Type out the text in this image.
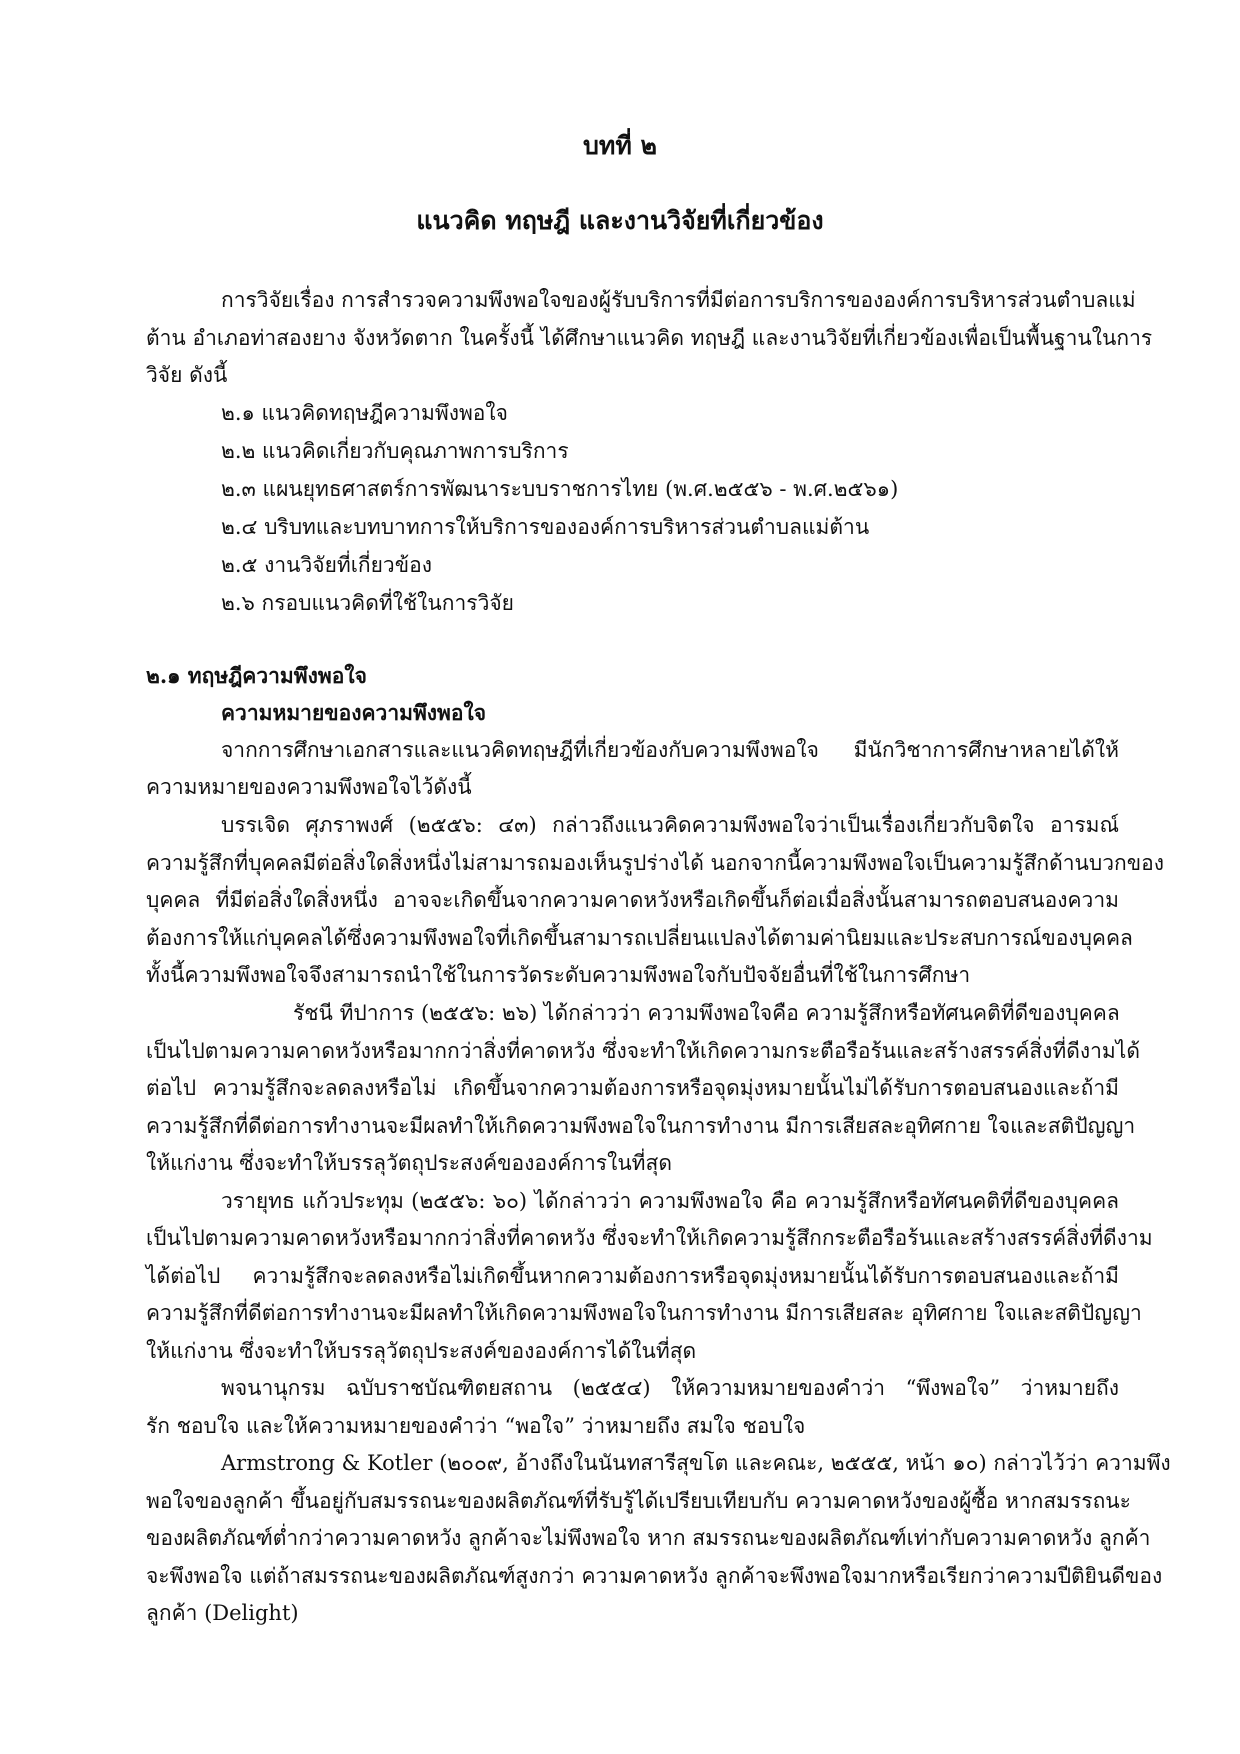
บทที่ ๒
แนวคิด ทฤษฎี และงานวิจัยที่เกี่ยวข้อง
การวิจัยเรื่อง การสำรวจความพึงพอใจของผู้รับบริการที่มีต่อการบริการขององค์การบริหารส่วนตำบลแม่
ต้าน อำเภอท่าสองยาง จังหวัดตาก ในครั้งนี้ ได้ศึกษาแนวคิด ทฤษฎี และงานวิจัยที่เกี่ยวข้องเพื่อเป็นพื้นฐานในการ
วิจัย ดังนี้
๒.๑ แนวคิดทฤษฎีความพึงพอใจ
๒.๒ แนวคิดเกี่ยวกับคุณภาพการบริการ
๒.๓ แผนยุทธศาสตร์การพัฒนาระบบราชการไทย (พ.ศ.๒๕๕๖ - พ.ศ.๒๕๖๑)
๒.๔ บริบทและบทบาทการให้บริการขององค์การบริหารส่วนตำบลแม่ต้าน
๒.๕ งานวิจัยที่เกี่ยวข้อง
๒.๖ กรอบแนวคิดที่ใช้ในการวิจัย
๒.๑ ทฤษฎีความพึงพอใจ
ความหมายของความพึงพอใจ
จากการศึกษาเอกสารและแนวคิดทฤษฎีที่เกี่ยวข้องกับความพึงพอใจ มีนักวิชาการศึกษาหลายได้ให้
ความหมายของความพึงพอใจไว้ดังนี้
บรรเจิด ศุภราพงศ์ (๒๕๕๖: ๔๓) กล่าวถึงแนวคิดความพึงพอใจว่าเป็นเรื่องเกี่ยวกับจิตใจ อารมณ์
ความรู้สึกที่บุคคลมีต่อสิ่งใดสิ่งหนึ่งไม่สามารถมองเห็นรูปร่างได้ นอกจากนี้ความพึงพอใจเป็นความรู้สึกด้านบวกของ
บุคคล ที่มีต่อสิ่งใดสิ่งหนึ่ง อาจจะเกิดขึ้นจากความคาดหวังหรือเกิดขึ้นก็ต่อเมื่อสิ่งนั้นสามารถตอบสนองความ
ต้องการให้แก่บุคคลได้ซึ่งความพึงพอใจที่เกิดขึ้นสามารถเปลี่ยนแปลงได้ตามค่านิยมและประสบการณ์ของบุคคล
ทั้งนี้ความพึงพอใจจึงสามารถนำใช้ในการวัดระดับความพึงพอใจกับปัจจัยอื่นที่ใช้ในการศึกษา
รัชนี ทีปาการ (๒๕๕๖: ๒๖) ได้กล่าวว่า ความพึงพอใจคือ ความรู้สึกหรือทัศนคติที่ดีของบุคคล
เป็นไปตามความคาดหวังหรือมากกว่าสิ่งที่คาดหวัง ซึ่งจะทำให้เกิดความกระตือรือร้นและสร้างสรรค์สิ่งที่ดีงามได้
ต่อไป ความรู้สึกจะลดลงหรือไม่ เกิดขึ้นจากความต้องการหรือจุดมุ่งหมายนั้นไม่ได้รับการตอบสนองและถ้ามี
ความรู้สึกที่ดีต่อการทำงานจะมีผลทำให้เกิดความพึงพอใจในการทำงาน มีการเสียสละอุทิศกาย ใจและสติปัญญา
ให้แก่งาน ซึ่งจะทำให้บรรลุวัตถุประสงค์ขององค์การในที่สุด
วรายุทธ แก้วประทุม (๒๕๕๖: ๖๐) ได้กล่าวว่า ความพึงพอใจ คือ ความรู้สึกหรือทัศนคติที่ดีของบุคคล
เป็นไปตามความคาดหวังหรือมากกว่าสิ่งที่คาดหวัง ซึ่งจะทำให้เกิดความรู้สึกกระตือรือร้นและสร้างสรรค์สิ่งที่ดีงาม
ได้ต่อไป ความรู้สึกจะลดลงหรือไม่เกิดขึ้นหากความต้องการหรือจุดมุ่งหมายนั้นได้รับการตอบสนองและถ้ามี
ความรู้สึกที่ดีต่อการทำงานจะมีผลทำให้เกิดความพึงพอใจในการทำงาน มีการเสียสละ อุทิศกาย ใจและสติปัญญา
ให้แก่งาน ซึ่งจะทำให้บรรลุวัตถุประสงค์ขององค์การได้ในที่สุด
พจนานุกรม ฉบับราชบัณฑิตยสถาน (๒๕๕๔) ให้ความหมายของคำว่า “พึงพอใจ” ว่าหมายถึง
รัก ชอบใจ และให้ความหมายของคำว่า “พอใจ” ว่าหมายถึง สมใจ ชอบใจ
Armstrong & Kotler (๒๐๐๙, อ้างถึงในนันทสารีสุขโต และคณะ, ๒๕๕๕, หน้า ๑๐) กล่าวไว้ว่า ความพึง
พอใจของลูกค้า ขึ้นอยู่กับสมรรถนะของผลิตภัณฑ์ที่รับรู้ได้เปรียบเทียบกับ ความคาดหวังของผู้ซื้อ หากสมรรถนะ
ของผลิตภัณฑ์ต่ำกว่าความคาดหวัง ลูกค้าจะไม่พึงพอใจ หาก สมรรถนะของผลิตภัณฑ์เท่ากับความคาดหวัง ลูกค้า
จะพึงพอใจ แต่ถ้าสมรรถนะของผลิตภัณฑ์สูงกว่า ความคาดหวัง ลูกค้าจะพึงพอใจมากหรือเรียกว่าความปีติยินดีของ
ลูกค้า (Delight)
